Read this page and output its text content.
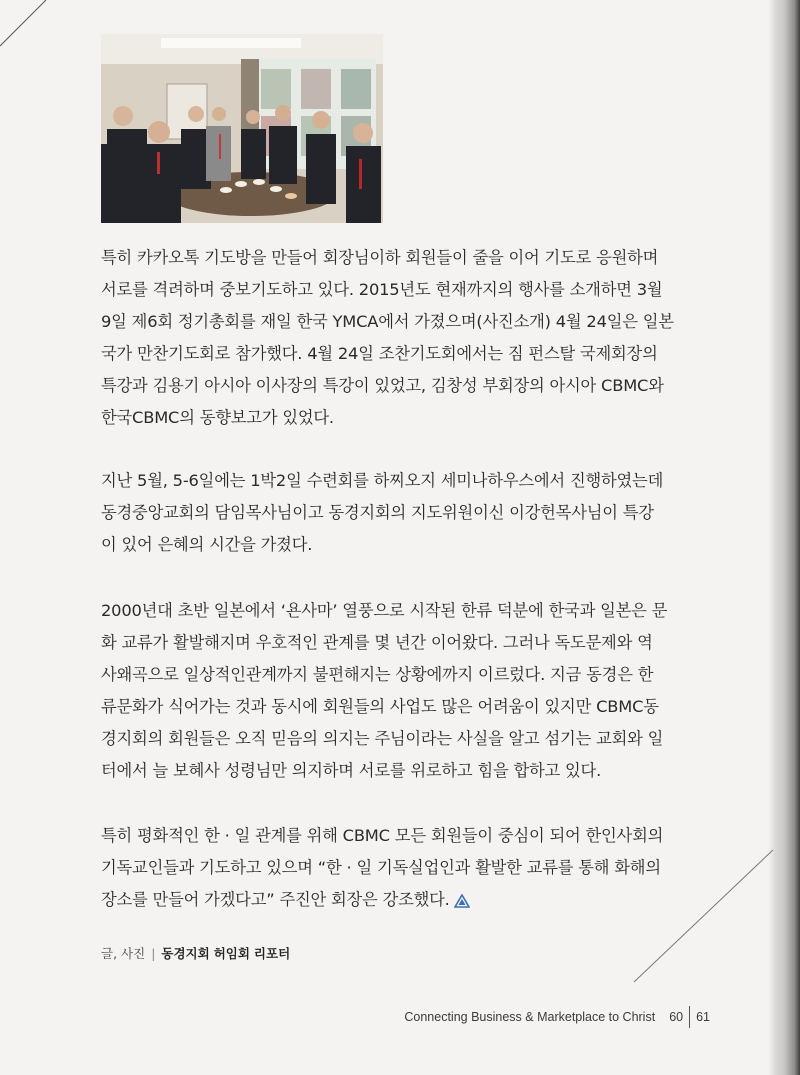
특히 카카오톡 기도방을 만들어 회장님이하 회원들이 줄을 이어 기도로 응원하며
서로를 격려하며 중보기도하고 있다. 2015년도 현재까지의 행사를 소개하면 3월
9일 제6회 정기총회를 재일 한국 YMCA에서 가졌으며(사진소개) 4월 24일은 일본
국가 만찬기도회로 참가했다. 4월 24일 조찬기도회에서는 짐 펀스탈 국제회장의
특강과 김용기 아시아 이사장의 특강이 있었고, 김창성 부회장의 아시아 CBMC와
한국CBMC의 동향보고가 있었다.
지난 5월, 5-6일에는 1박2일 수련회를 하찌오지 세미나하우스에서 진행하였는데
동경중앙교회의 담임목사님이고 동경지회의 지도위원이신 이강헌목사님이 특강
이 있어 은혜의 시간을 가졌다.
2000년대 초반 일본에서 ‘욘사마’ 열풍으로 시작된 한류 덕분에 한국과 일본은 문
화 교류가 활발해지며 우호적인 관계를 몇 년간 이어왔다. 그러나 독도문제와 역
사왜곡으로 일상적인관계까지 불편해지는 상황에까지 이르렀다. 지금 동경은 한
류문화가 식어가는 것과 동시에 회원들의 사업도 많은 어려움이 있지만 CBMC동
경지회의 회원들은 오직 믿음의 의지는 주님이라는 사실을 알고 섬기는 교회와 일
터에서 늘 보혜사 성령님만 의지하며 서로를 위로하고 힘을 합하고 있다.
특히 평화적인 한 · 일 관계를 위해 CBMC 모든 회원들이 중심이 되어 한인사회의
기독교인들과 기도하고 있으며 “한 · 일 기독실업인과 활발한 교류를 통해 화해의
장소를 만들어 가겠다고” 주진안 회장은 강조했다.
글, 사진 | 동경지회 허임회 리포터
Connecting Business & Marketplace to Christ 60 61
